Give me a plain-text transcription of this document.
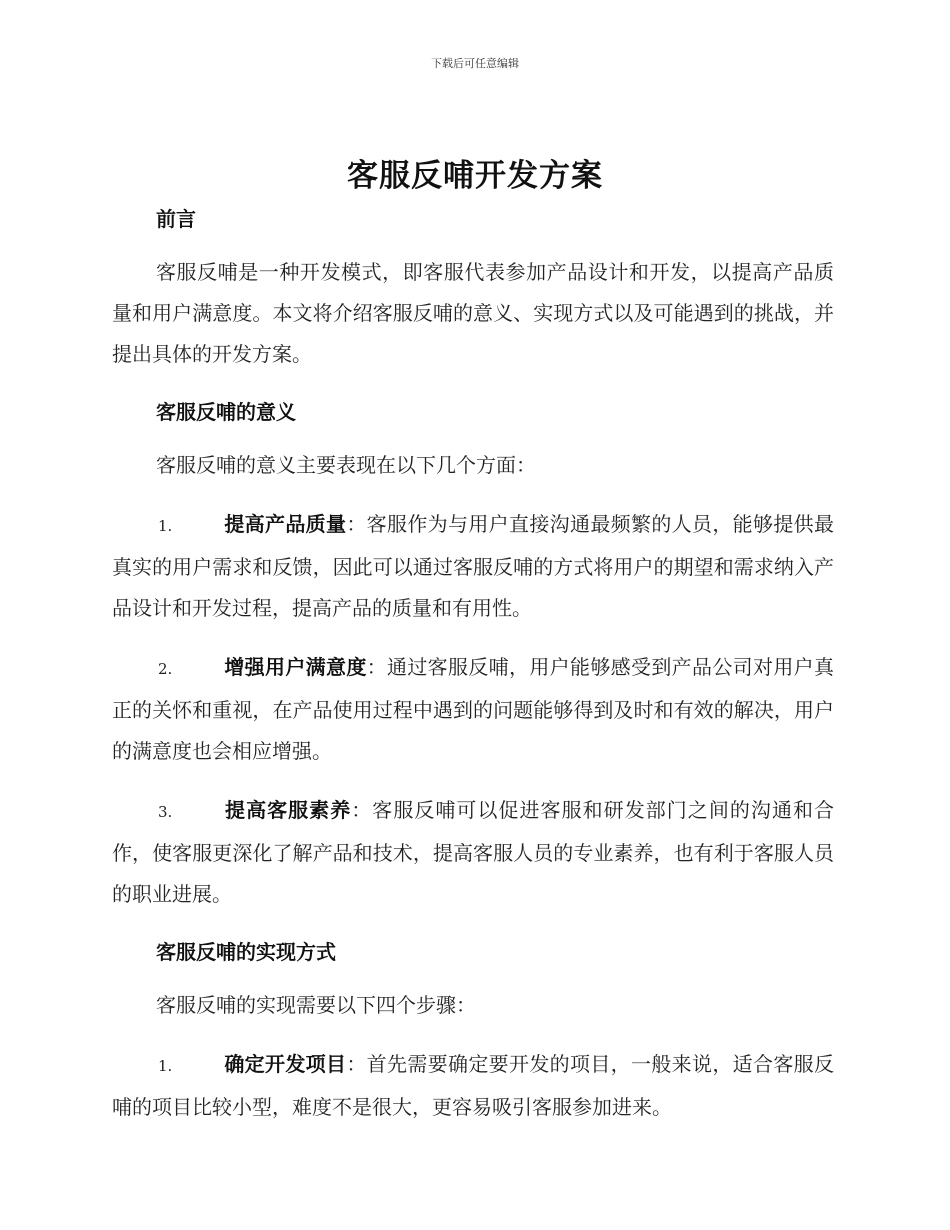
下载后可任意编辑
客服反哺开发方案
前言

客服反哺是一种开发模式，即客服代表参加产品设计和开发，以提高产品质量和用户满意度。本文将介绍客服反哺的意义、实现方式以及可能遇到的挑战，并提出具体的开发方案。

客服反哺的意义

客服反哺的意义主要表现在以下几个方面：

1.	提高产品质量：客服作为与用户直接沟通最频繁的人员，能够提供最真实的用户需求和反馈，因此可以通过客服反哺的方式将用户的期望和需求纳入产品设计和开发过程，提高产品的质量和有用性。

2.	增强用户满意度：通过客服反哺，用户能够感受到产品公司对用户真正的关怀和重视，在产品使用过程中遇到的问题能够得到及时和有效的解决，用户的满意度也会相应增强。

3.	提高客服素养：客服反哺可以促进客服和研发部门之间的沟通和合作，使客服更深化了解产品和技术，提高客服人员的专业素养，也有利于客服人员的职业进展。

客服反哺的实现方式

客服反哺的实现需要以下四个步骤：

1.	确定开发项目：首先需要确定要开发的项目，一般来说，适合客服反哺的项目比较小型，难度不是很大，更容易吸引客服参加进来。
